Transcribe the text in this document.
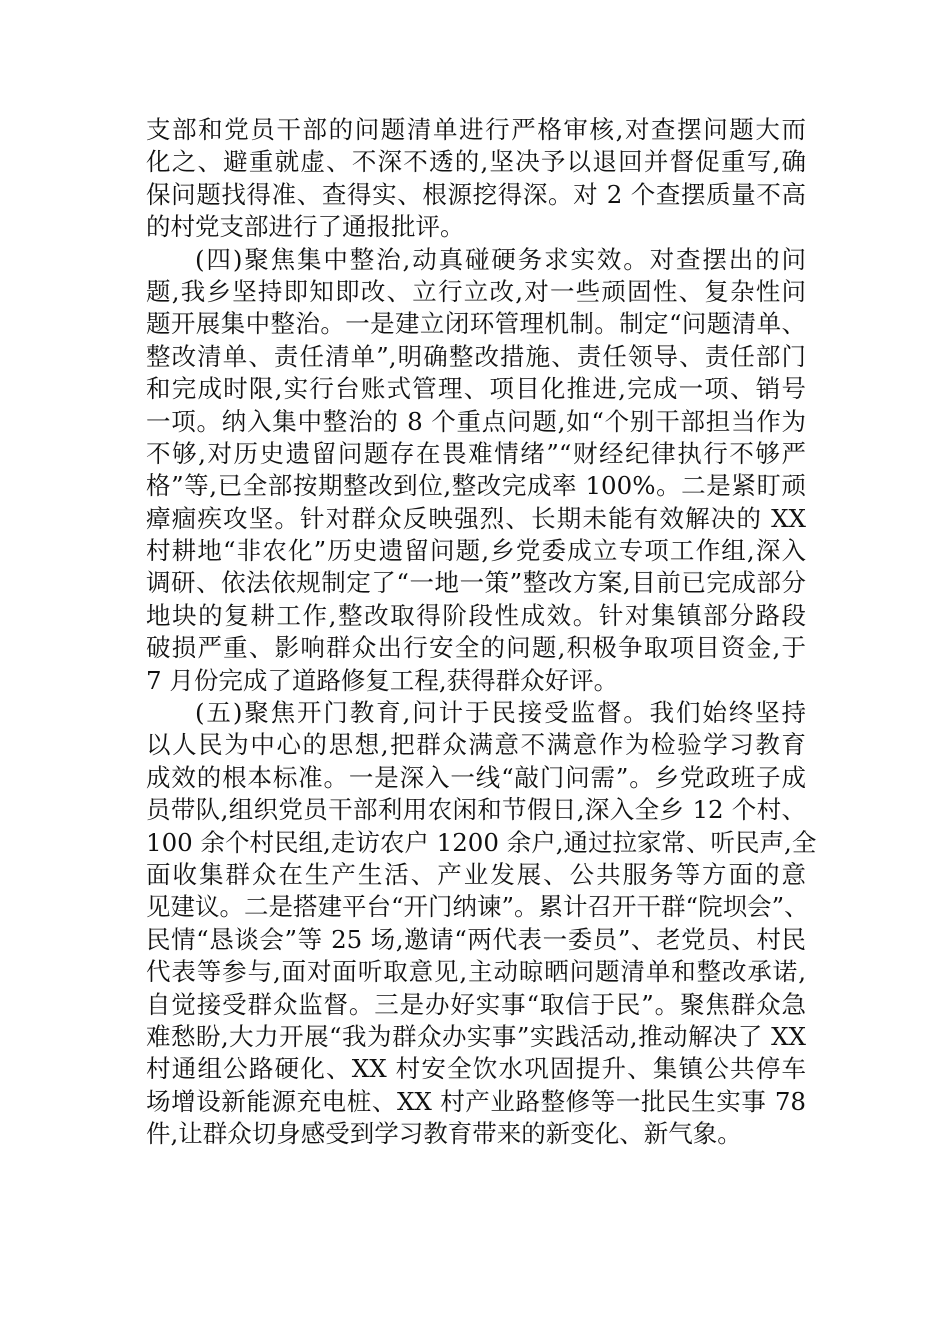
支部和党员干部的问题清单进行严格审核,对查摆问题大而
化之、避重就虚、不深不透的,坚决予以退回并督促重写,确
保问题找得准、查得实、根源挖得深。对 2 个查摆质量不高
的村党支部进行了通报批评。
(四)聚焦集中整治,动真碰硬务求实效。对查摆出的问
题,我乡坚持即知即改、立行立改,对一些顽固性、复杂性问
题开展集中整治。一是建立闭环管理机制。制定“问题清单、
整改清单、责任清单”,明确整改措施、责任领导、责任部门
和完成时限,实行台账式管理、项目化推进,完成一项、销号
一项。纳入集中整治的 8 个重点问题,如“个别干部担当作为
不够,对历史遗留问题存在畏难情绪”“财经纪律执行不够严
格”等,已全部按期整改到位,整改完成率 100%。二是紧盯顽
瘴痼疾攻坚。针对群众反映强烈、长期未能有效解决的 XX
村耕地“非农化”历史遗留问题,乡党委成立专项工作组,深入
调研、依法依规制定了“一地一策”整改方案,目前已完成部分
地块的复耕工作,整改取得阶段性成效。针对集镇部分路段
破损严重、影响群众出行安全的问题,积极争取项目资金,于
7 月份完成了道路修复工程,获得群众好评。
(五)聚焦开门教育,问计于民接受监督。我们始终坚持
以人民为中心的思想,把群众满意不满意作为检验学习教育
成效的根本标准。一是深入一线“敲门问需”。乡党政班子成
员带队,组织党员干部利用农闲和节假日,深入全乡 12 个村、
100 余个村民组,走访农户 1200 余户,通过拉家常、听民声,全
面收集群众在生产生活、产业发展、公共服务等方面的意
见建议。二是搭建平台“开门纳谏”。累计召开干群“院坝会”、
民情“恳谈会”等 25 场,邀请“两代表一委员”、老党员、村民
代表等参与,面对面听取意见,主动晾晒问题清单和整改承诺,
自觉接受群众监督。三是办好实事“取信于民”。聚焦群众急
难愁盼,大力开展“我为群众办实事”实践活动,推动解决了 XX
村通组公路硬化、XX 村安全饮水巩固提升、集镇公共停车
场增设新能源充电桩、XX 村产业路整修等一批民生实事 78
件,让群众切身感受到学习教育带来的新变化、新气象。
